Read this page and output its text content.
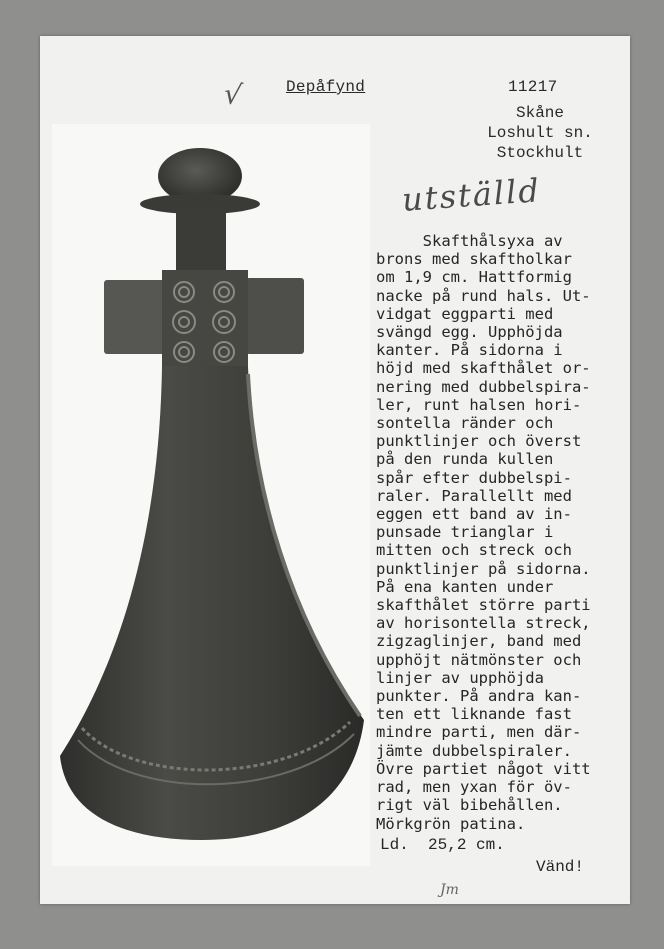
√	Depåfynd	11217
Skåne
Loshult sn.
Stockhult
utställd
Skafthålsyxa av
brons med skaftholkar
om 1,9 cm. Hattformig
nacke på rund hals. Ut-
vidgat eggparti med
svängd egg. Upphöjda
kanter. På sidorna i
höjd med skafthålet or-
nering med dubbelspira-
ler, runt halsen hori-
sontella ränder och
punktlinjer och överst
på den runda kullen
spår efter dubbelspi-
raler. Parallellt med
eggen ett band av in-
punsade trianglar i
mitten och streck och
punktlinjer på sidorna.
På ena kanten under
skafthålet större parti
av horisontella streck,
zigzaglinjer, band med
upphöjt nätmönster och
linjer av upphöjda
punkter. På andra kan-
ten ett liknande fast
mindre parti, men där-
jämte dubbelspiraler.
Övre partiet något vitt
rad, men yxan för öv-
rigt väl bibehållen.
Mörkgrön patina.
Ld.  25,2 cm.
Vänd!
Jm
